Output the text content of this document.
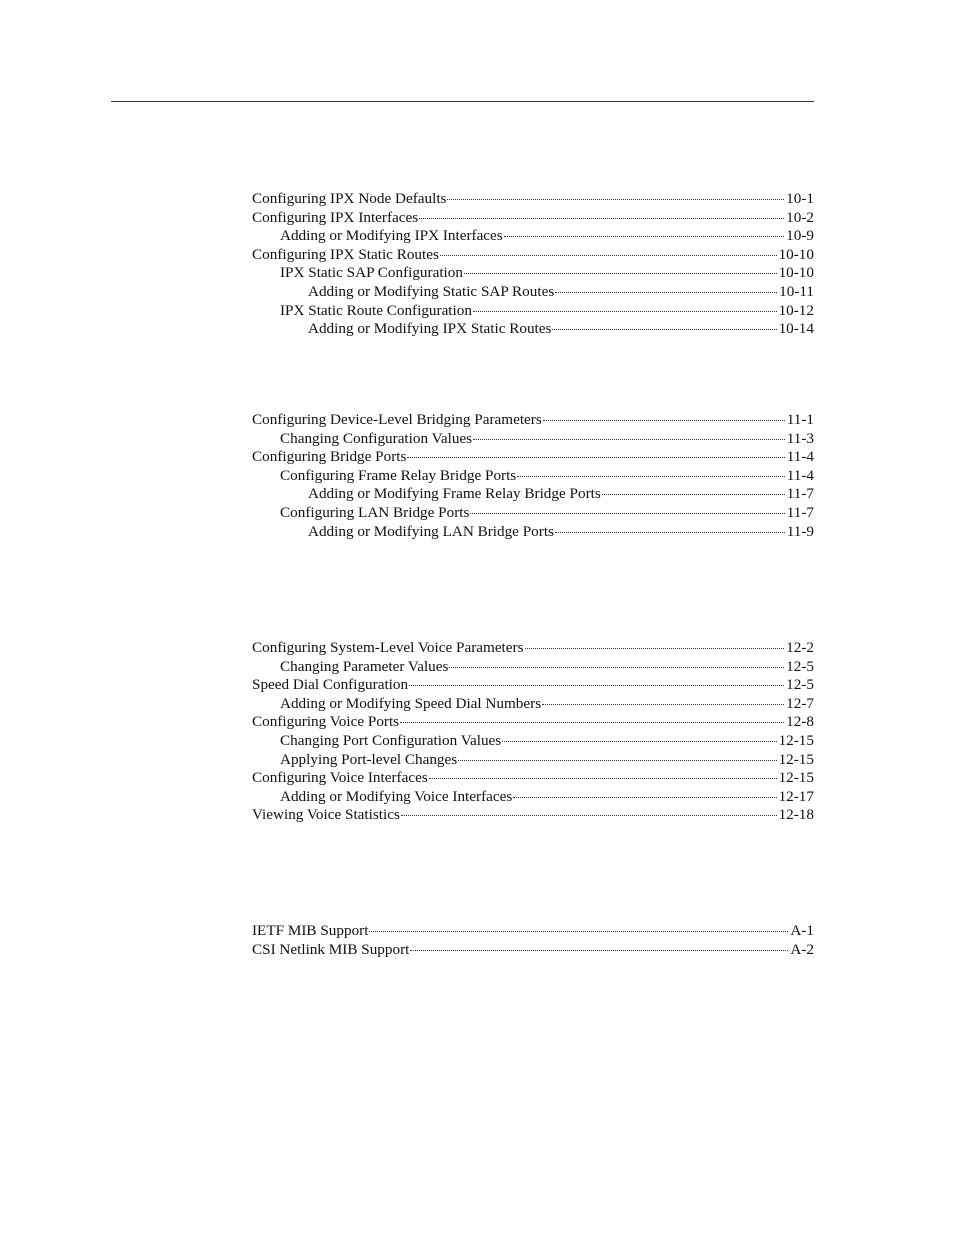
Configuring IPX Node Defaults	10-1
Configuring IPX Interfaces	10-2
Adding or Modifying IPX Interfaces	10-9
Configuring IPX Static Routes	10-10
IPX Static SAP Configuration	10-10
Adding or Modifying Static SAP Routes	10-11
IPX Static Route Configuration	10-12
Adding or Modifying IPX Static Routes	10-14
Configuring Device-Level Bridging Parameters	11-1
Changing Configuration Values	11-3
Configuring Bridge Ports	11-4
Configuring Frame Relay Bridge Ports	11-4
Adding or Modifying Frame Relay Bridge Ports	11-7
Configuring LAN Bridge Ports	11-7
Adding or Modifying LAN Bridge Ports	11-9
Configuring System-Level Voice Parameters	12-2
Changing Parameter Values	12-5
Speed Dial Configuration	12-5
Adding or Modifying Speed Dial Numbers	12-7
Configuring Voice Ports	12-8
Changing Port Configuration Values	12-15
Applying Port-level Changes	12-15
Configuring Voice Interfaces	12-15
Adding or Modifying Voice Interfaces	12-17
Viewing Voice Statistics	12-18
IETF MIB Support	A-1
CSI Netlink MIB Support	A-2
